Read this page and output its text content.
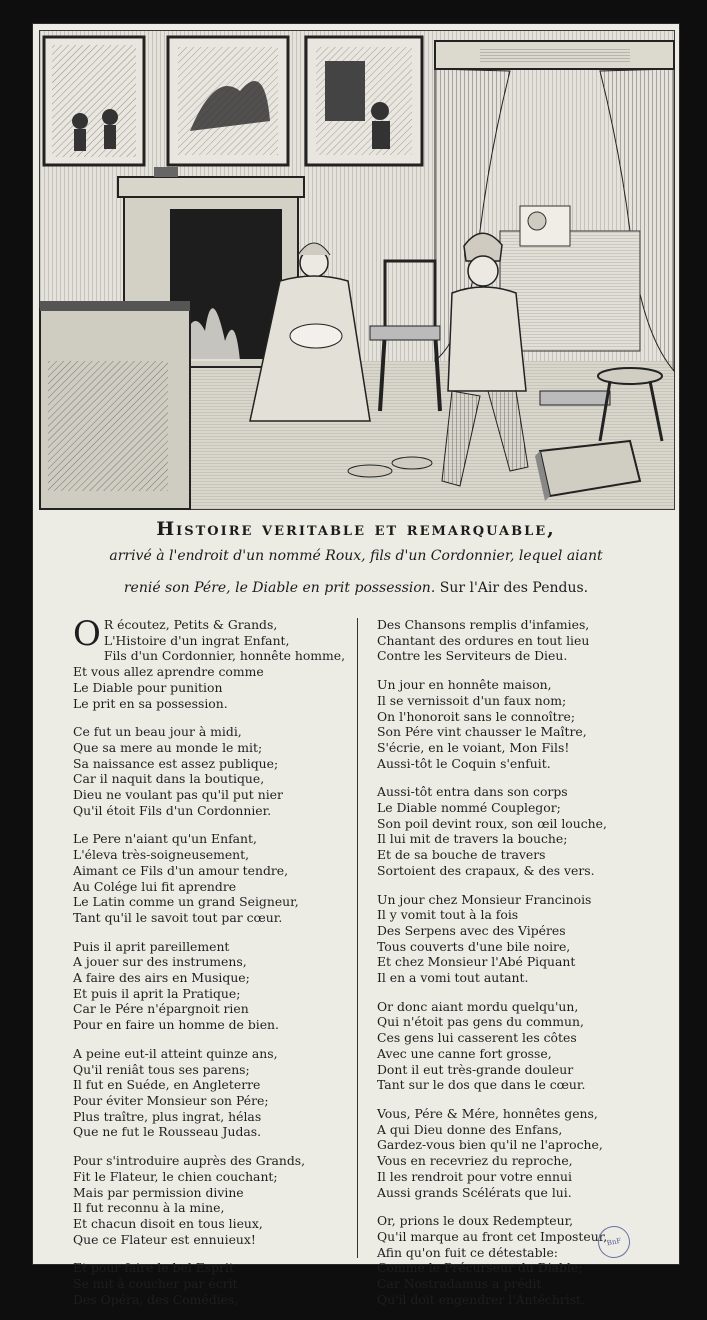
Histoire veritable et remarquable,
arrivé à l'endroit d'un nommé Roux, fils d'un Cordonnier, lequel aiant
renié son Pére, le Diable en prit possession. Sur l'Air des Pendus.
O R écoutez, Petits & Grands,
L'Histoire d'un ingrat Enfant,
Fils d'un Cordonnier, honnête homme,
Et vous allez aprendre comme
Le Diable pour punition
Le prit en sa possession.
Ce fut un beau jour à midi,
Que sa mere au monde le mit;
Sa naissance est assez publique;
Car il naquit dans la boutique,
Dieu ne voulant pas qu'il put nier
Qu'il étoit Fils d'un Cordonnier.
Le Pere n'aiant qu'un Enfant,
L'éleva très-soigneusement,
Aimant ce Fils d'un amour tendre,
Au Colége lui fit aprendre
Le Latin comme un grand Seigneur,
Tant qu'il le savoit tout par cœur.
Puis il aprit pareillement
A jouer sur des instrumens,
A faire des airs en Musique;
Et puis il aprit la Pratique;
Car le Pére n'épargnoit rien
Pour en faire un homme de bien.
A peine eut-il atteint quinze ans,
Qu'il reniât tous ses parens;
Il fut en Suéde, en Angleterre
Pour éviter Monsieur son Pére;
Plus traître, plus ingrat, hélas
Que ne fut le Rousseau Judas.
Pour s'introduire auprès des Grands,
Fit le Flateur, le chien couchant;
Mais par permission divine
Il fut reconnu à la mine,
Et chacun disoit en tous lieux,
Que ce Flateur est ennuieux!
Et pour faire le bel Esprit
Se mit à coucher par écrit
Des Opéra, des Comédies,
Des Chansons remplis d'infamies,
Chantant des ordures en tout lieu
Contre les Serviteurs de Dieu.
Un jour en honnête maison,
Il se vernissoit d'un faux nom;
On l'honoroit sans le connoître;
Son Pére vint chausser le Maître,
S'écrie, en le voiant, Mon Fils!
Aussi-tôt le Coquin s'enfuit.
Aussi-tôt entra dans son corps
Le Diable nommé Couplegor;
Son poil devint roux, son œil louche,
Il lui mit de travers la bouche;
Et de sa bouche de travers
Sortoient des crapaux, & des vers.
Un jour chez Monsieur Francinois
Il y vomit tout à la fois
Des Serpens avec des Vipéres
Tous couverts d'une bile noire,
Et chez Monsieur l'Abé Piquant
Il en a vomi tout autant.
Or donc aiant mordu quelqu'un,
Qui n'étoit pas gens du commun,
Ces gens lui casserent les côtes
Avec une canne fort grosse,
Dont il eut très-grande douleur
Tant sur le dos que dans le cœur.
Vous, Pére & Mére, honnêtes gens,
A qui Dieu donne des Enfans,
Gardez-vous bien qu'il ne l'aproche,
Vous en recevriez du reproche,
Il les rendroit pour votre ennui
Aussi grands Scélérats que lui.
Or, prions le doux Redempteur,
Qu'il marque au front cet Imposteur,
Afin qu'on fuit ce détestable:
Comme le Précurseur du Diable;
Car Nostradamus a prédit
Qu'il doit engendrer l'Antéchrist.
BnF
